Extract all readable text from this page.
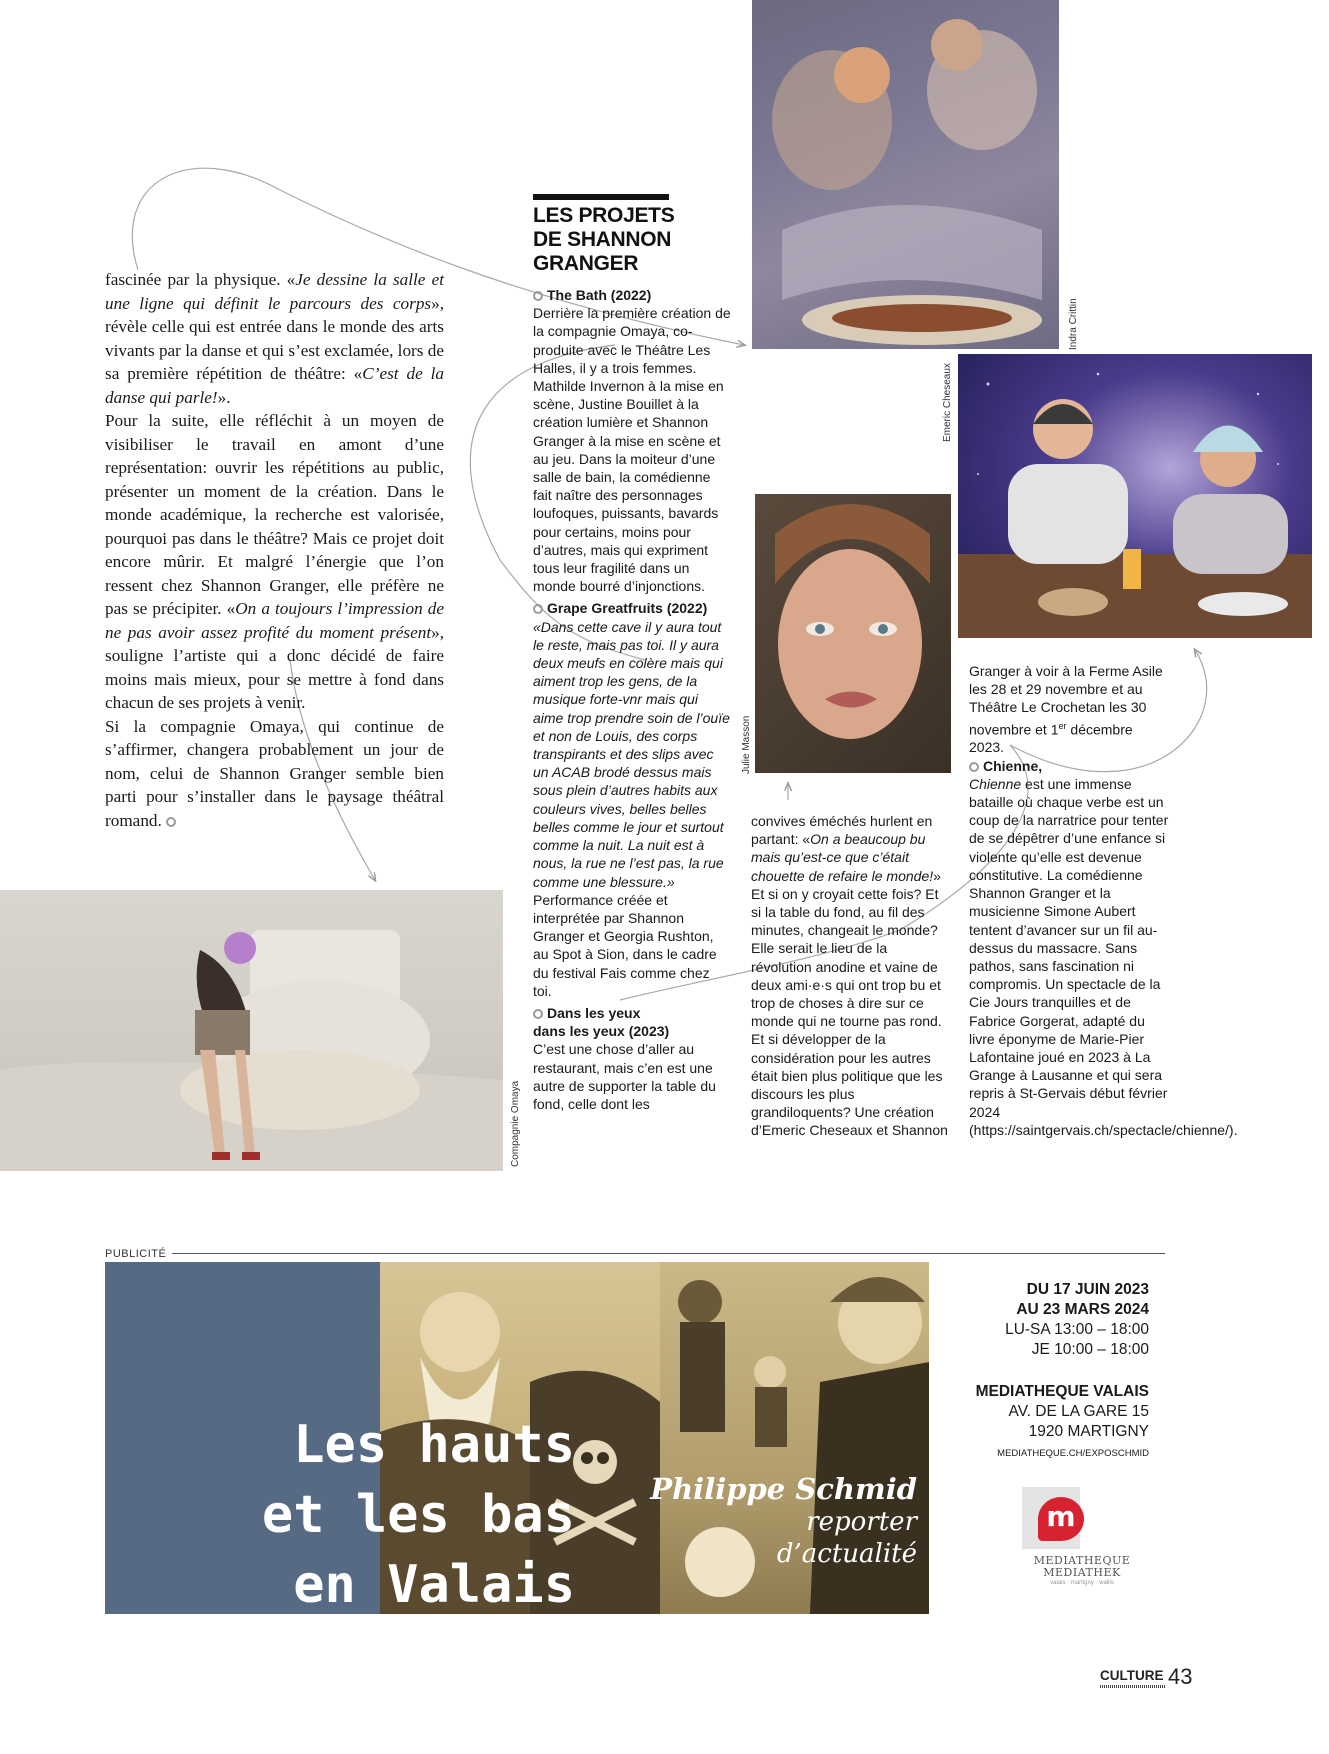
fascinée par la physique. «Je dessine la salle et une ligne qui définit le parcours des corps», révèle celle qui est entrée dans le monde des arts vivants par la danse et qui s’est exclamée, lors de sa première répétition de théâtre: «C’est de la danse qui parle!».

Pour la suite, elle réfléchit à un moyen de visibiliser le travail en amont d’une représentation: ouvrir les répétitions au public, présenter un moment de la création. Dans le monde académique, la recherche est valorisée, pourquoi pas dans le théâtre? Mais ce projet doit encore mûrir. Et malgré l’énergie que l’on ressent chez Shannon Granger, elle préfère ne pas se précipiter. «On a toujours l’impression de ne pas avoir assez profité du moment présent», souligne l’artiste qui a donc décidé de faire moins mais mieux, pour se mettre à fond dans chacun de ses projets à venir.

Si la compagnie Omaya, qui continue de s’affirmer, changera probablement un jour de nom, celui de Shannon Granger semble bien parti pour s’installer dans le paysage théâtral romand.

LES PROJETS
DE SHANNON
GRANGER

The Bath (2022)

Derrière la première création de la compagnie Omaya, co-produite avec le Théâtre Les Halles, il y a trois femmes. Mathilde Invernon à la mise en scène, Justine Bouillet à la création lumière et Shannon Granger à la mise en scène et au jeu. Dans la moiteur d’une salle de bain, la comédienne fait naître des personnages loufoques, puissants, bavards pour certains, moins pour d’autres, mais qui expriment tous leur fragilité dans un monde bourré d’injonctions.

Grape Greatfruits (2022)

«Dans cette cave il y aura tout le reste, mais pas toi. Il y aura deux meufs en colère mais qui aiment trop les gens, de la musique forte-vnr mais qui aime trop prendre soin de l’ouïe et non de Louis, des corps transpirants et des slips avec un ACAB brodé dessus mais sous plein d’autres habits aux couleurs vives, belles belles belles comme le jour et surtout comme la nuit. La nuit est à nous, la rue ne l’est pas, la rue comme une blessure.»

Performance créée et interprétée par Shannon Granger et Georgia Rushton, au Spot à Sion, dans le cadre du festival Fais comme chez toi.

Dans les yeux
dans les yeux (2023)

C’est une chose d’aller au restaurant, mais c’en est une autre de supporter la table du fond, celle dont les

convives éméchés hurlent en partant: «On a beaucoup bu mais qu’est-ce que c’était chouette de refaire le monde!» Et si on y croyait cette fois? Et si la table du fond, au fil des minutes, changeait le monde? Elle serait le lieu de la révolution anodine et vaine de deux ami·e·s qui ont trop bu et trop de choses à dire sur ce monde qui ne tourne pas rond. Et si développer de la considération pour les autres était bien plus politique que les discours les plus grandiloquents? Une création d’Emeric Cheseaux et Shannon

Granger à voir à la Ferme Asile les 28 et 29 novembre et au Théâtre Le Crochetan les 30 novembre et 1er décembre 2023.

Chienne,

Chienne est une immense bataille où chaque verbe est un coup de la narratrice pour tenter de se dépêtrer d’une enfance si violente qu’elle est devenue constitutive. La comédienne Shannon Granger et la musicienne Simone Aubert tentent d’avancer sur un fil au-dessus du massacre. Sans pathos, sans fascination ni compromis. Un spectacle de la Cie Jours tranquilles et de Fabrice Gorgerat, adapté du livre éponyme de Marie-Pier Lafontaine joué en 2023 à La Grange à Lausanne et qui sera repris à St-Gervais début février 2024 (https://saintgervais.ch/spectacle/chienne/).

Indra Crittin
Emeric Cheseaux
Julie Masson
Compagnie Omaya
PUBLICITÉ
Les hauts
et les bas
en Valais
Philippe Schmid
reporter
d’actualité
DU 17 JUIN 2023
AU 23 MARS 2024
LU-SA 13:00 – 18:00
JE 10:00 – 18:00
MEDIATHEQUE VALAIS
AV. DE LA GARE 15
1920 MARTIGNY
MEDIATHEQUE.CH/EXPOSCHMID
m
MEDIATHEQUE
MEDIATHEK
valais · martigny · wallis
$^{CULTURE}$ 43
